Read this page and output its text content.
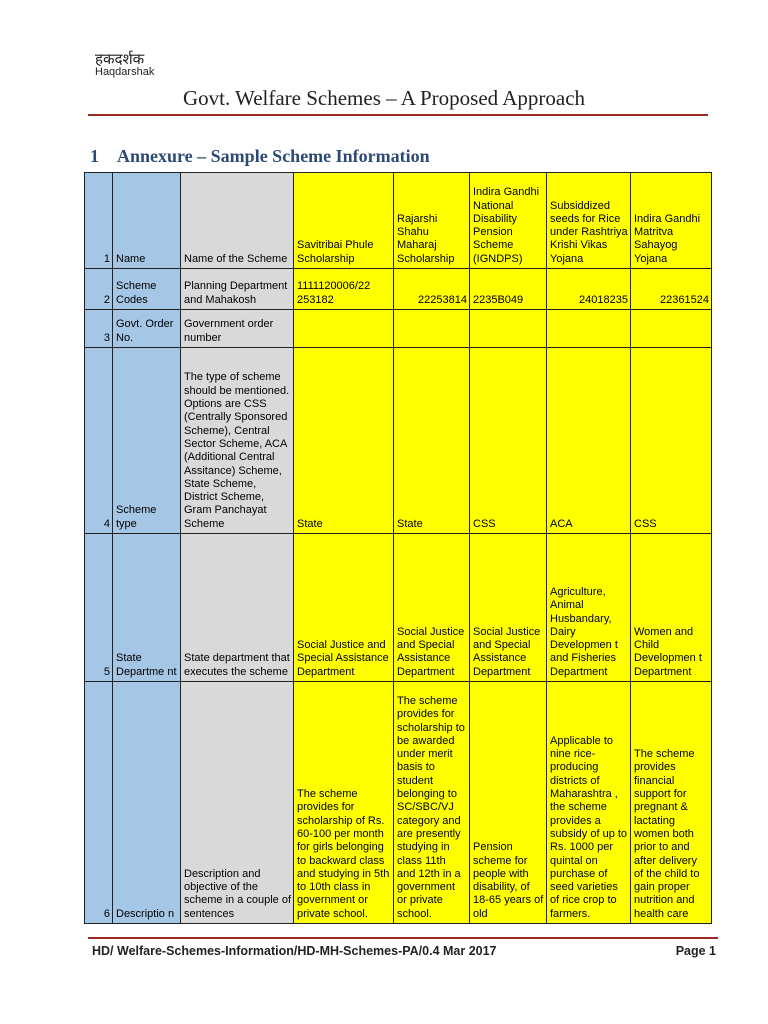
हकदर्शक
Haqdarshak
Govt. Welfare Schemes – A Proposed Approach
1 Annexure – Sample Scheme Information
1	Name	Name of the Scheme	Savitribai Phule Scholarship	Rajarshi Shahu Maharaj Scholarship	Indira Gandhi National Disability Pension Scheme (IGNDPS)	Subsiddized seeds for Rice under Rashtriya Krishi Vikas Yojana	Indira Gandhi Matritva Sahayog Yojana
2	Scheme Codes	Planning Department and Mahakosh	1111120006/22 253182	22253814	2235B049	24018235	22361524
3	Govt. Order No.	Government order number					
4	Scheme type	The type of scheme should be mentioned. Options are CSS (Centrally Sponsored Scheme), Central Sector Scheme, ACA (Additional Central Assitance) Scheme, State Scheme, District Scheme, Gram Panchayat Scheme	State	State	CSS	ACA	CSS
5	State Departme nt	State department that executes the scheme	Social Justice and Special Assistance Department	Social Justice and Special Assistance Department	Social Justice and Special Assistance Department	Agriculture, Animal Husbandary, Dairy Developmen t and Fisheries Department	Women and Child Developmen t Department
6	Descriptio n	Description and objective of the scheme in a couple of sentences	The scheme provides for scholarship of Rs. 60-100 per month for girls belonging to backward class and studying in 5th to 10th class in government or private school.	The scheme provides for scholarship to be awarded under merit basis to student belonging to SC/SBC/VJ category and are presently studying in class 11th and 12th in a government or private school.	Pension scheme for people with disability, of 18-65 years of old	Applicable to nine rice-producing districts of Maharashtra , the scheme provides a subsidy of up to Rs. 1000 per quintal on purchase of seed varieties of rice crop to farmers.	The scheme provides financial support for pregnant & lactating women both prior to and after delivery of the child to gain proper nutrition and health care
HD/ Welfare-Schemes-Information/HD-MH-Schemes-PA/0.4 Mar 2017	Page 1
